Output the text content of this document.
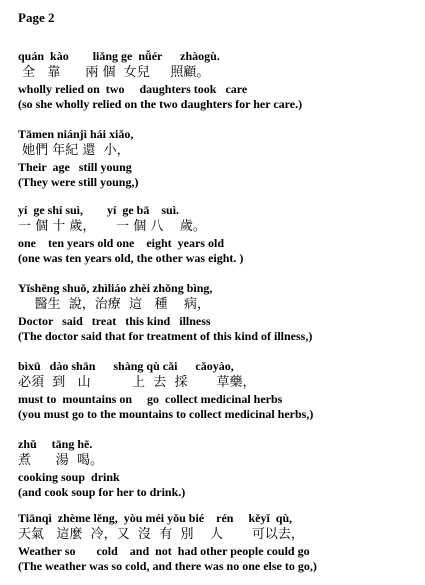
Page 2
quán  kào        liǎng ge  nǚér      zhàogù.
全   靠      兩 個  女兒     照顧。
wholly relied on  two     daughters took   care
(so she wholly relied on the two daughters for her care.)
Tāmen niánjì hái xiǎo,
她們 年紀 還  小，
Their  age   still young
(They were still young,)
yí  ge shí suì,        yí  ge bā    suì.
一 個 十 歲，     一 個 八    歲。
one    ten years old one    eight  years old
(one was ten years old, the other was eight. )
Yīshēng shuō, zhìliáo zhèi zhǒng bìng,
醫生  說，治療  這   種    病，
Doctor   said   treat   this kind   illness
(The doctor said that for treatment of this kind of illness,)
bìxū   dào shān      shàng qù cǎi      cǎoyào,
必須  到   山          上  去  採       草藥，
must to  mountains on     go  collect medicinal herbs
(you must go to the mountains to collect medicinal herbs,)
zhǔ     tāng hē.
煮      湯  喝。
cooking soup  drink
(and cook soup for her to drink.)
Tiānqì  zhème lěng,  yòu méi yǒu bié    rén     kěyǐ  qù,
天氣   這麼  冷，又  沒  有  別    人       可以去，
Weather so       cold    and  not  had other people could go
(The weather was so cold, and there was no one else to go,)
